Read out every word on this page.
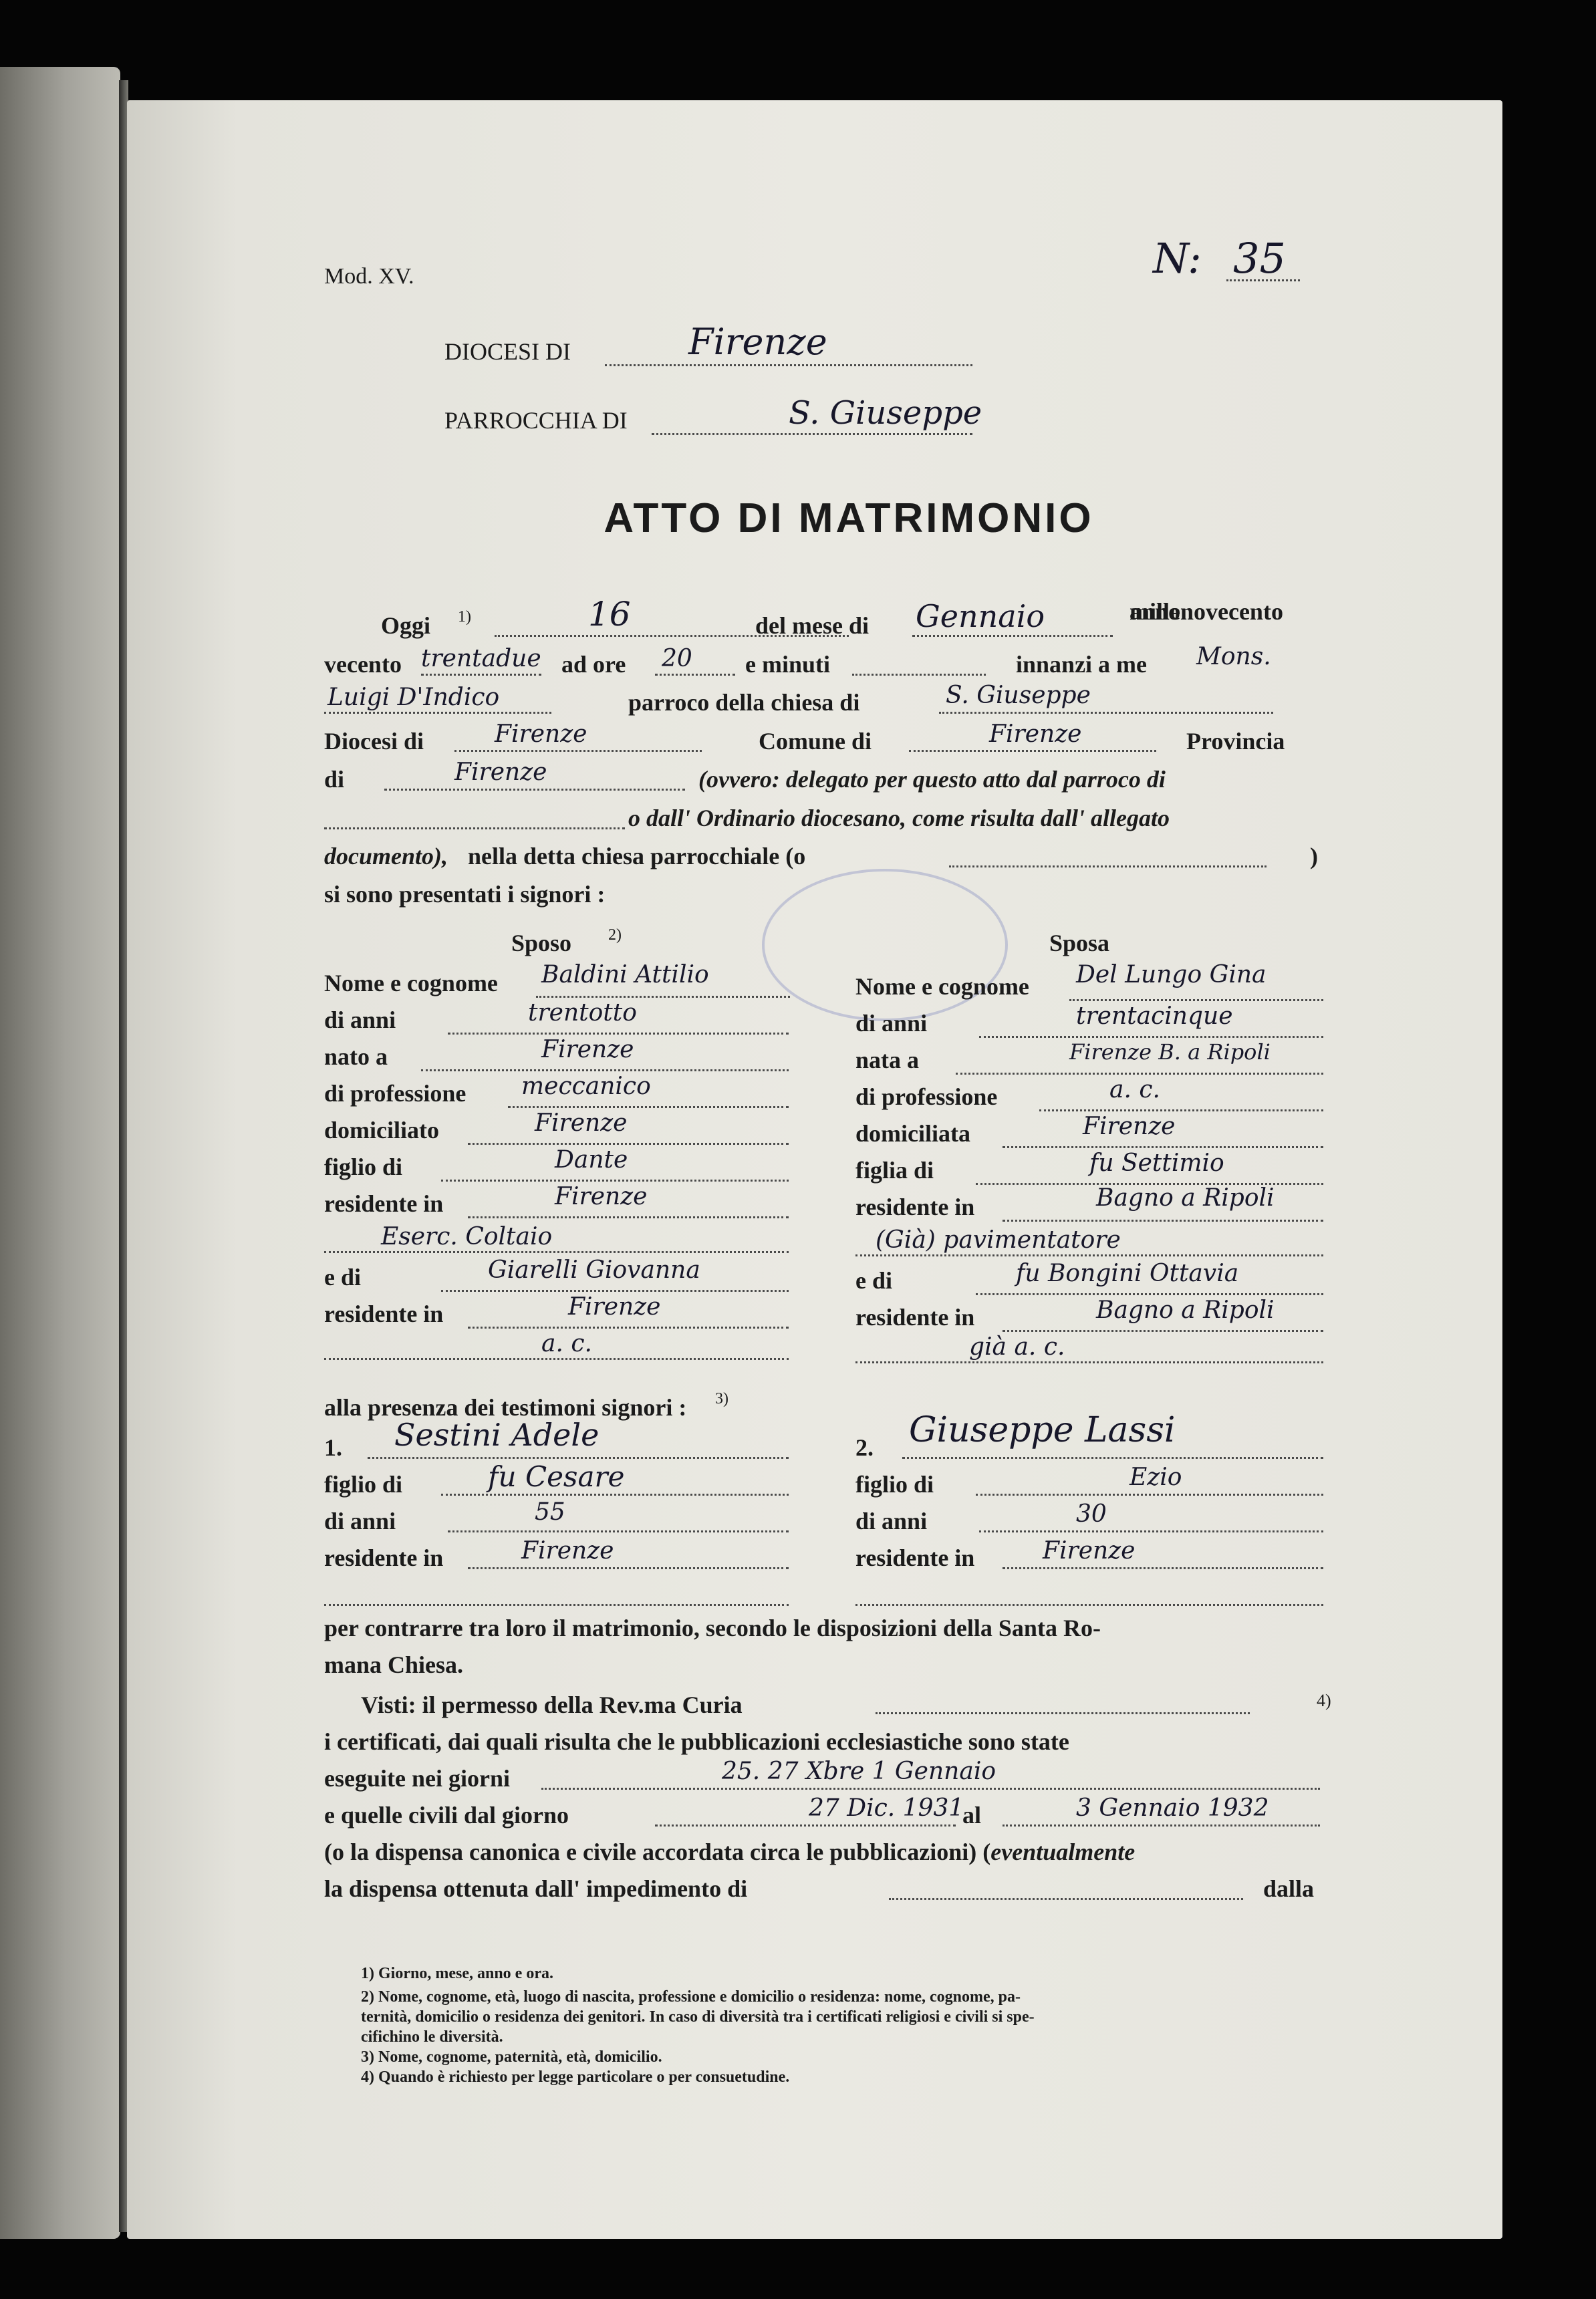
Mod. XV.	N: 35
DIOCESI DI	Firenze
PARROCCHIA DI	S. Giuseppe
ATTO DI MATRIMONIO
Oggi 1)	16	del mese di Gennaio	anno millenovecento
vecento trentadue ad ore 20 e minuti	innanzi a me Mons.
Luigi D'Indico	parroco della chiesa di	S. Giuseppe
Diocesi di	Firenze	Comune di	Firenze	Provincia
di	Firenze	(ovvero: delegato per questo atto dal parroco di
o dall' Ordinario diocesano, come risulta dall' allegato
documento), nella detta chiesa parrocchiale (o	)
si sono presentati i signori :
Sposo 2)	Sposa
Nome e cognome Baldini Attilio
di anni	trentotto
nato a	Firenze
di professione meccanico
domiciliato	Firenze
figlio di	Dante
residente in	Firenze
Eserc. Coltaio
e di	Giarelli Giovanna
residente in	Firenze
a. c.
Nome e cognome Del Lungo Gina
di anni	trentacinque
nata a	Firenze B. a Ripoli
di professione	a. c.
domiciliata	Firenze
figlia di	fu Settimio
residente in	Bagno a Ripoli
(Già) pavimentatore
e di	fu Bongini Ottavia
residente in	Bagno a Ripoli
già a. c.
alla presenza dei testimoni signori : 3)
1. Sestini Adele
figlio di	fu Cesare
di anni	55
residente in	Firenze
2. Giuseppe Lassi
figlio di	Ezio
di anni	30
residente in	Firenze
per contrarre tra loro il matrimonio, secondo le disposizioni della Santa Ro-
mana Chiesa.
Visti: il permesso della Rev.ma Curia	4)
i certificati, dai quali risulta che le pubblicazioni ecclesiastiche sono state
eseguite nei giorni	25. 27 Xbre 1 Gennaio
e quelle civili dal giorno	27 Dic. 1931
al	3 Gennaio 1932
(o la dispensa canonica e civile accordata circa le pubblicazioni) (eventualmente
la dispensa ottenuta dall' impedimento di	dalla
1) Giorno, mese, anno e ora.
2) Nome, cognome, età, luogo di nascita, professione e domicilio o residenza: nome, cognome, pa-
ternità, domicilio o residenza dei genitori. In caso di diversità tra i certificati religiosi e civili si spe-
cifichino le diversità.
3) Nome, cognome, paternità, età, domicilio.
4) Quando è richiesto per legge particolare o per consuetudine.
